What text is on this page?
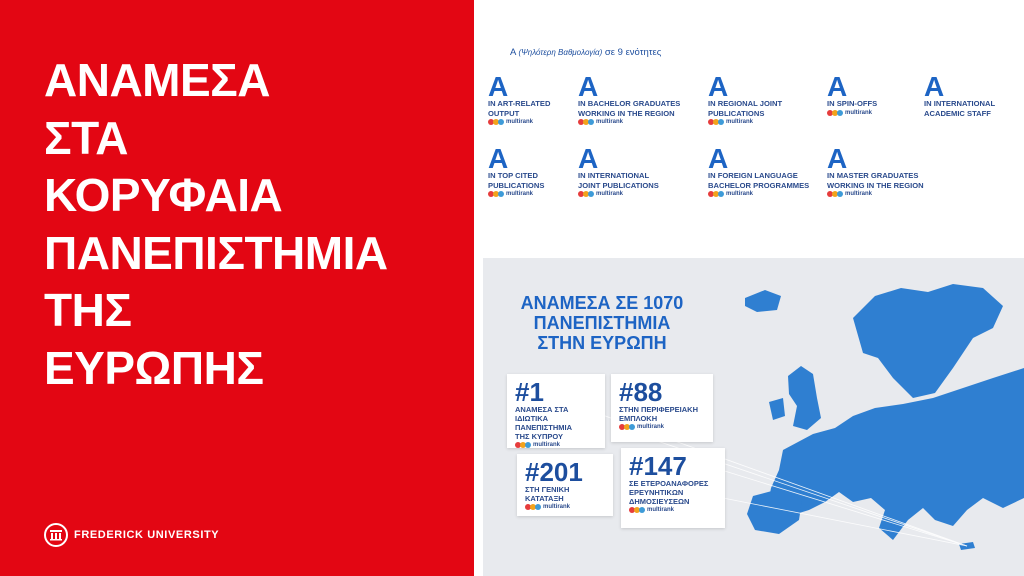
ΑΝΑΜΕΣΑ
ΣΤΑ
ΚΟΡΥΦΑΙΑ
ΠΑΝΕΠΙΣΤΗΜΙΑ
ΤΗΣ
ΕΥΡΩΠΗΣ
FREDERICK UNIVERSITY
A (Ψηλότερη Βαθμολογία) σε 9 ενότητες
A
IN ART-RELATED
OUTPUT
multirank
A
IN BACHELOR GRADUATES
WORKING IN THE REGION
multirank
A
IN REGIONAL JOINT
PUBLICATIONS
multirank
A
IN SPIN-OFFS
multirank
A
IN INTERNATIONAL
ACADEMIC STAFF
A
IN TOP CITED
PUBLICATIONS
multirank
A
IN INTERNATIONAL
JOINT PUBLICATIONS
multirank
A
IN FOREIGN LANGUAGE
BACHELOR PROGRAMMES
multirank
A
IN MASTER GRADUATES
WORKING IN THE REGION
multirank
ΑΝΑΜΕΣΑ ΣΕ 1070
ΠΑΝΕΠΙΣΤΗΜΙΑ
ΣΤΗΝ ΕΥΡΩΠΗ
#1
ΑΝΑΜΕΣΑ ΣΤΑ ΙΔΙΩΤΙΚΑ
ΠΑΝΕΠΙΣΤΗΜΙΑ
ΤΗΣ ΚΥΠΡΟΥ
multirank
#88
ΣΤΗΝ ΠΕΡΙΦΕΡΕΙΑΚΗ
ΕΜΠΛΟΚΗ
multirank
#201
ΣΤΗ ΓΕΝΙΚΗ ΚΑΤΑΤΑΞΗ
multirank
#147
ΣΕ ΕΤΕΡΟΑΝΑΦΟΡΕΣ
ΕΡΕΥΝΗΤΙΚΩΝ
ΔΗΜΟΣΙΕΥΣΕΩΝ
multirank
